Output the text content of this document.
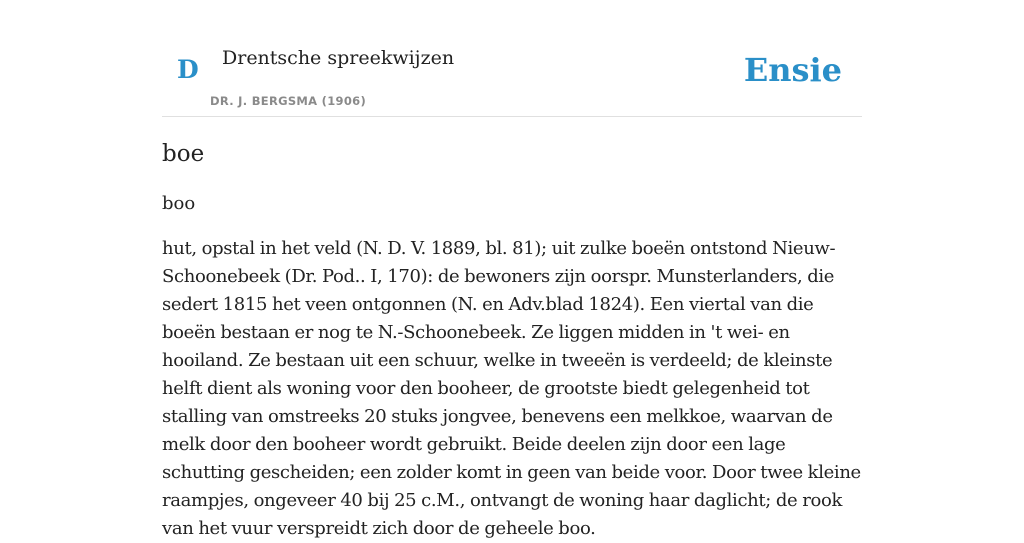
D Drentsche spreekwijzen
DR. J. BERGSMA (1906)
Ensie
boe

boo

hut, opstal in het veld (N. D. V. 1889, bl. 81); uit zulke boeën ontstond Nieuw-Schoonebeek (Dr. Pod.. I, 170): de bewoners zijn oorspr. Munsterlanders, die sedert 1815 het veen ontgonnen (N. en Adv.blad 1824). Een viertal van die boeën bestaan er nog te N.-Schoonebeek. Ze liggen midden in 't wei- en hooiland. Ze bestaan uit een schuur, welke in tweeën is verdeeld; de kleinste helft dient als woning voor den booheer, de grootste biedt gelegenheid tot stalling van omstreeks 20 stuks jongvee, benevens een melkkoe, waarvan de melk door den booheer wordt gebruikt. Beide deelen zijn door een lage schutting gescheiden; een zolder komt in geen van beide voor. Door twee kleine raampjes, ongeveer 40 bij 25 c.M., ontvangt de woning haar daglicht; de rook van het vuur verspreidt zich door de geheele boo.
